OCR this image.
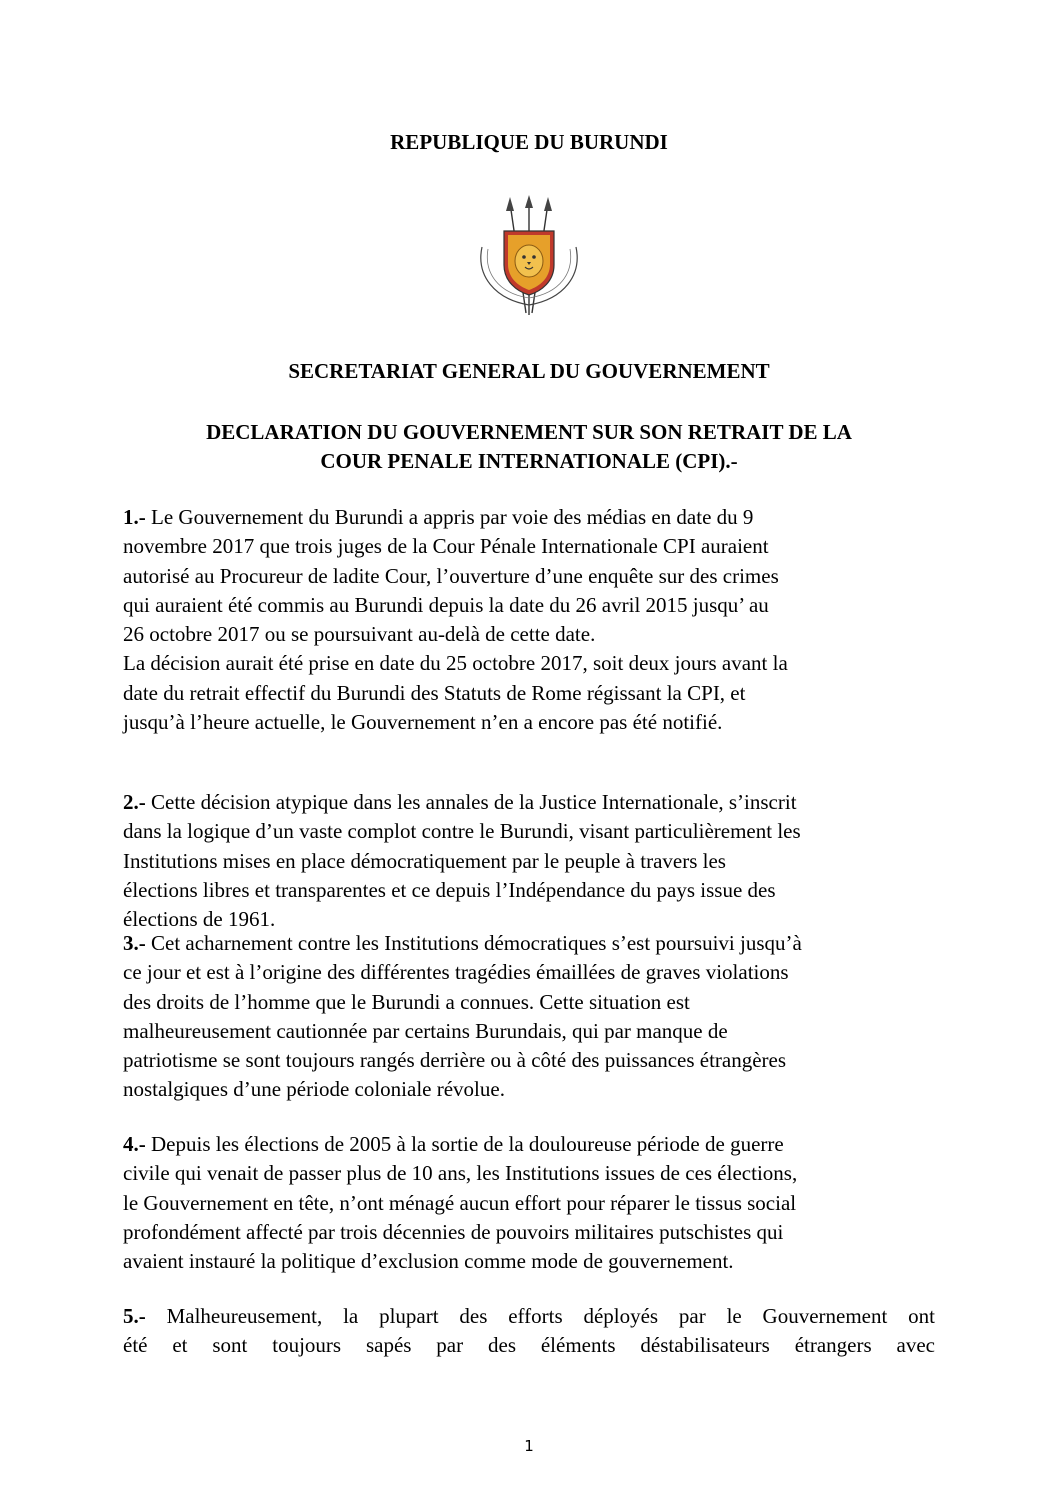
REPUBLIQUE DU BURUNDI

SECRETARIAT GENERAL DU GOUVERNEMENT

DECLARATION DU GOUVERNEMENT SUR SON RETRAIT DE LA
COUR PENALE INTERNATIONALE (CPI).-
1.- Le Gouvernement du Burundi a appris par voie des médias en date du 9
novembre 2017 que trois juges de la Cour Pénale Internationale CPI auraient
autorisé au Procureur de ladite Cour, l’ouverture d’une enquête sur des crimes
qui auraient été commis au Burundi depuis la date du 26 avril 2015 jusqu’ au
26 octobre 2017 ou se poursuivant au-delà de cette date.
La décision aurait été prise en date du 25 octobre 2017, soit deux jours avant la
date du retrait effectif du Burundi des Statuts de Rome régissant la CPI, et
jusqu’à l’heure actuelle, le Gouvernement n’en a encore pas été notifié.
2.- Cette décision atypique dans les annales de la Justice Internationale, s’inscrit
dans la logique d’un vaste complot contre le Burundi, visant particulièrement les
Institutions mises en place démocratiquement par le peuple à travers les
élections libres et transparentes et ce depuis l’Indépendance du pays issue des
élections de 1961.
3.- Cet acharnement contre les Institutions démocratiques s’est poursuivi jusqu’à
ce jour et est à l’origine des différentes tragédies émaillées de graves violations
des droits de l’homme que le Burundi a connues. Cette situation est
malheureusement cautionnée par certains Burundais, qui par manque de
patriotisme se sont toujours rangés derrière ou à côté des puissances étrangères
nostalgiques d’une période coloniale révolue.
4.- Depuis les élections de 2005 à la sortie de la douloureuse période de guerre
civile qui venait de passer plus de 10 ans, les Institutions issues de ces élections,
le Gouvernement en tête, n’ont ménagé aucun effort pour réparer le tissus social
profondément affecté par trois décennies de pouvoirs militaires putschistes qui
avaient instauré la politique d’exclusion comme mode de gouvernement.
5.- Malheureusement, la plupart des efforts déployés par le Gouvernement ont
été et sont toujours sapés par des éléments déstabilisateurs étrangers avec
1
